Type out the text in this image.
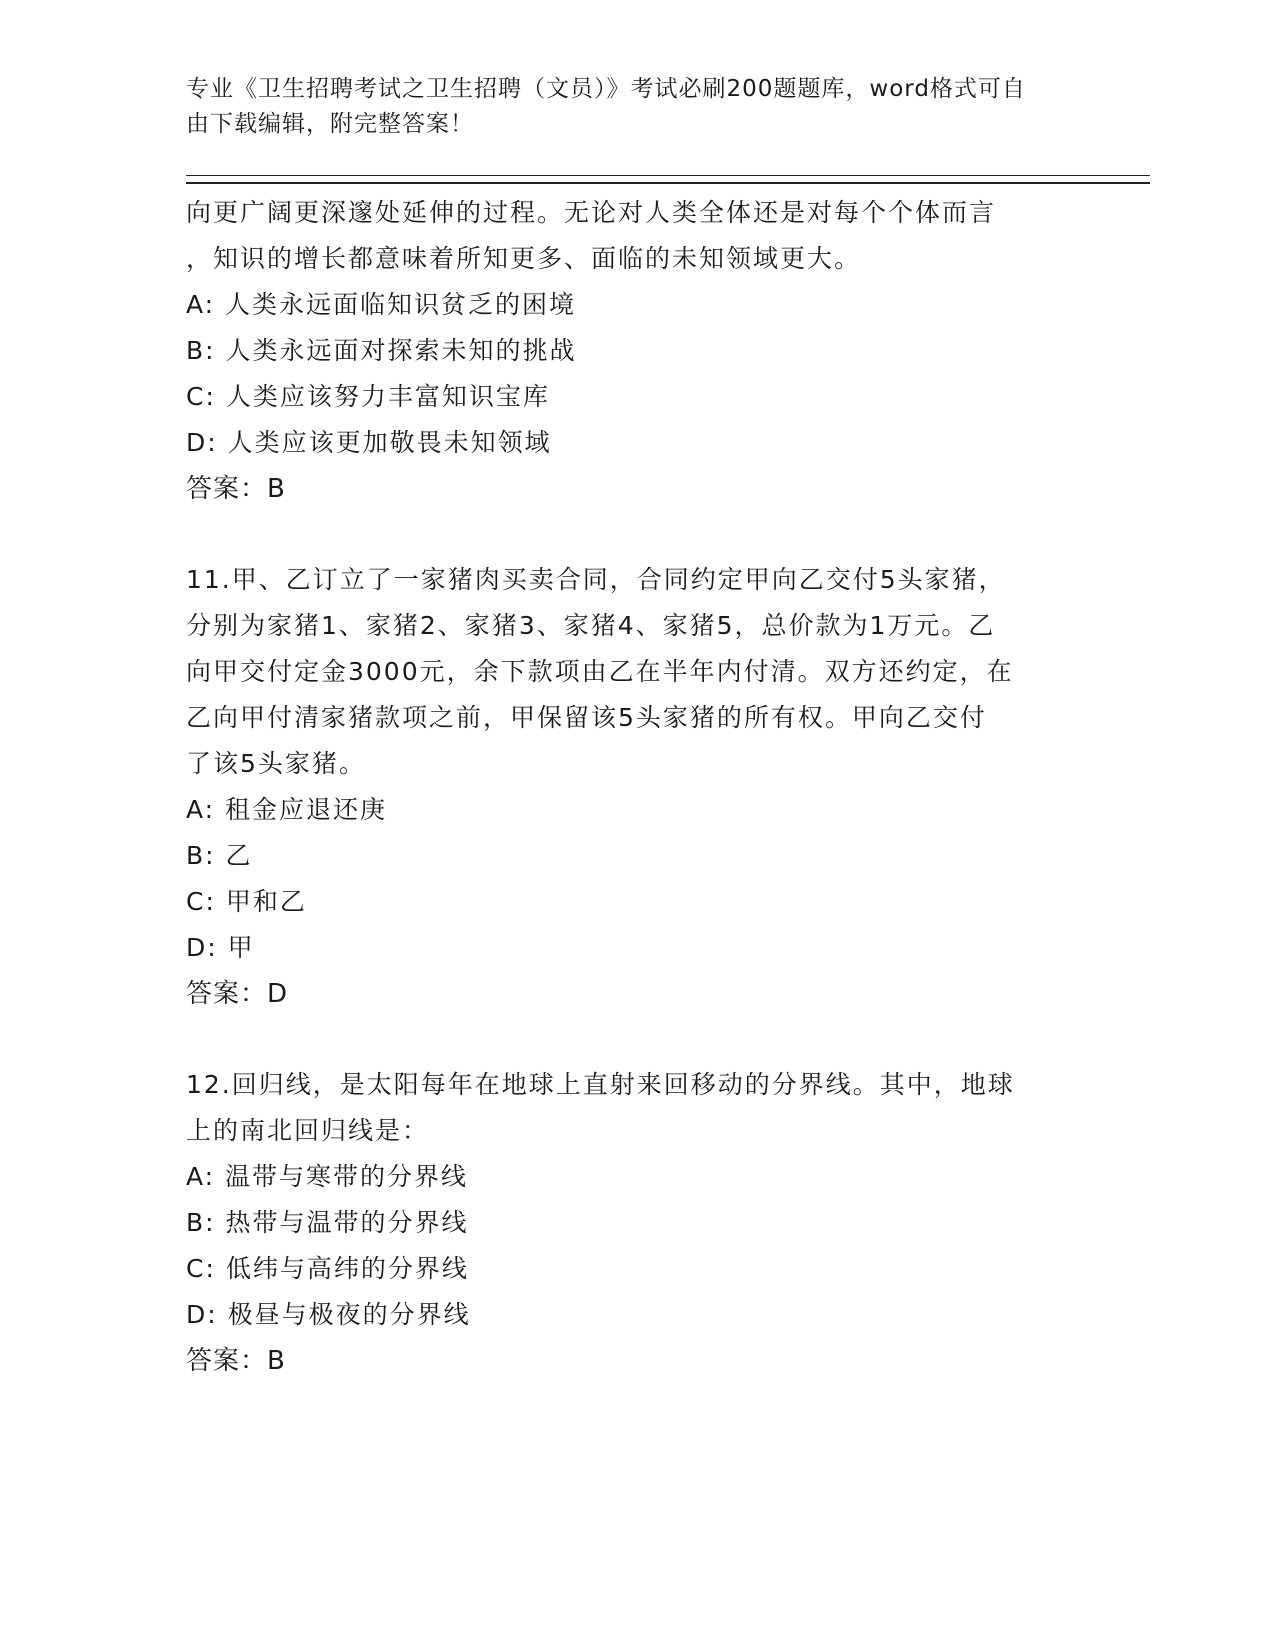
专业《卫生招聘考试之卫生招聘（文员）》考试必刷200题题库，word格式可自
由下载编辑，附完整答案！
向更广阔更深邃处延伸的过程。无论对人类全体还是对每个个体而言
，知识的增长都意味着所知更多、面临的未知领域更大。
A: 人类永远面临知识贫乏的困境
B: 人类永远面对探索未知的挑战
C: 人类应该努力丰富知识宝库
D: 人类应该更加敬畏未知领域
答案：B
11.甲、乙订立了一家猪肉买卖合同，合同约定甲向乙交付5头家猪，
分别为家猪1、家猪2、家猪3、家猪4、家猪5，总价款为1万元。乙
向甲交付定金3000元，余下款项由乙在半年内付清。双方还约定，在
乙向甲付清家猪款项之前，甲保留该5头家猪的所有权。甲向乙交付
了该5头家猪。
A: 租金应退还庚
B: 乙
C: 甲和乙
D: 甲
答案：D
12.回归线，是太阳每年在地球上直射来回移动的分界线。其中，地球
上的南北回归线是：
A: 温带与寒带的分界线
B: 热带与温带的分界线
C: 低纬与高纬的分界线
D: 极昼与极夜的分界线
答案：B
